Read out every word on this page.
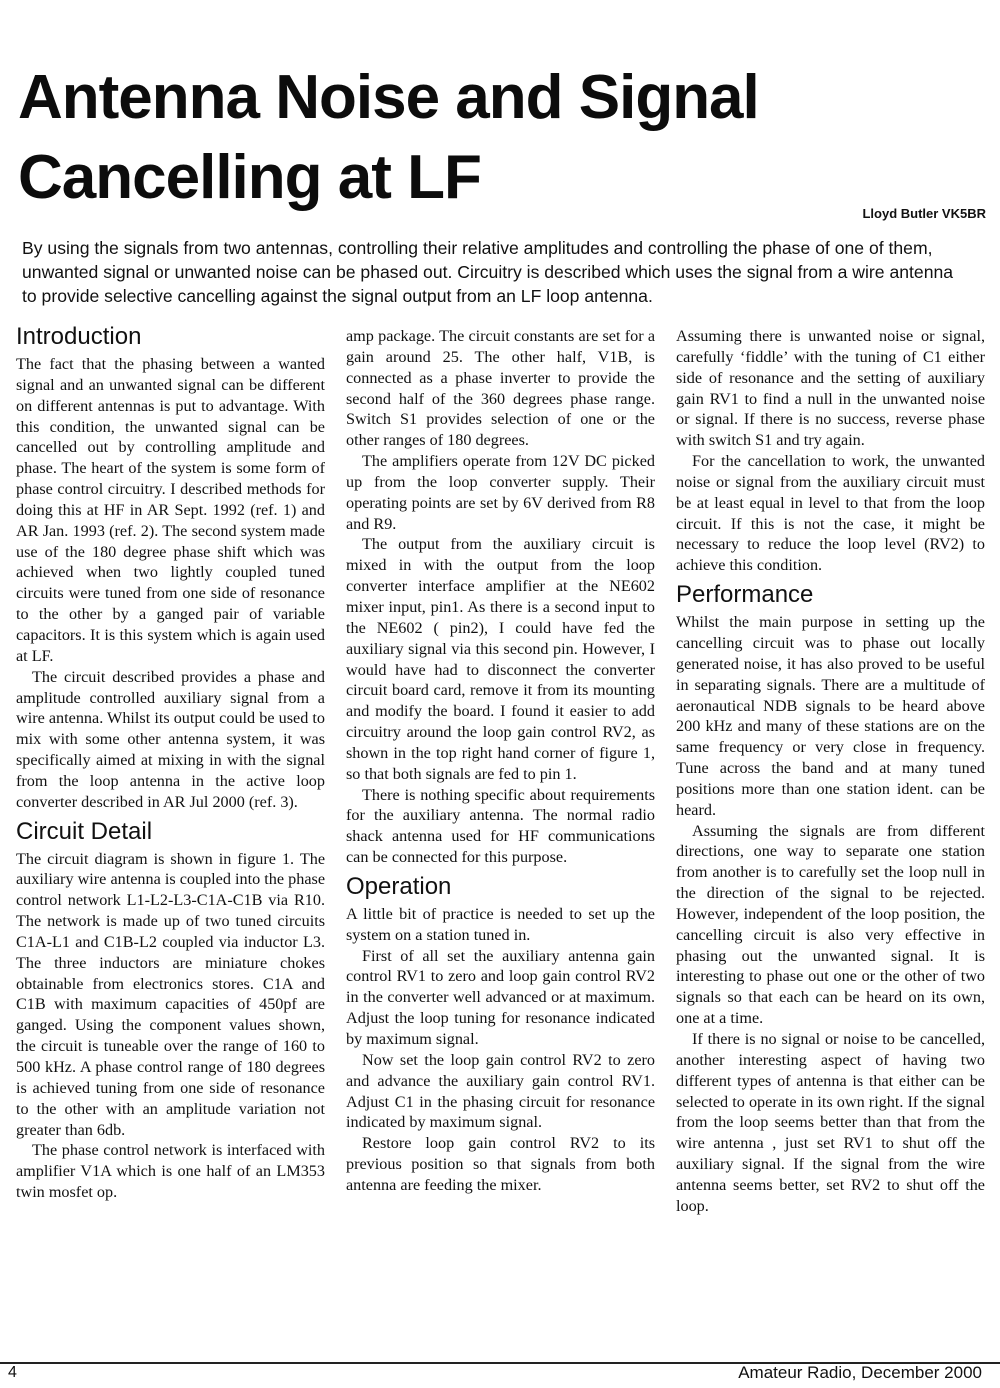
Antenna Noise and Signal
Cancelling at LF
Lloyd Butler VK5BR

By using the signals from two antennas, controlling their relative amplitudes and controlling the phase of one of them, unwanted signal or unwanted noise can be phased out. Circuitry is described which uses the signal from a wire antenna to provide selective cancelling against the signal output from an LF loop antenna.

Introduction

The fact that the phasing between a wanted signal and an unwanted signal can be different on different antennas is put to advantage. With this condition, the unwanted signal can be cancelled out by controlling amplitude and phase. The heart of the system is some form of phase control circuitry. I described methods for doing this at HF in AR Sept. 1992 (ref. 1) and AR Jan. 1993 (ref. 2). The second system made use of the 180 degree phase shift which was achieved when two lightly coupled tuned circuits were tuned from one side of resonance to the other by a ganged pair of variable capacitors. It is this system which is again used at LF.

The circuit described provides a phase and amplitude controlled auxiliary signal from a wire antenna. Whilst its output could be used to mix with some other antenna system, it was specifically aimed at mixing in with the signal from the loop antenna in the active loop converter described in AR Jul 2000 (ref. 3).

Circuit Detail

The circuit diagram is shown in figure 1. The auxiliary wire antenna is coupled into the phase control network L1-L2-L3-C1A-C1B via R10. The network is made up of two tuned circuits C1A-L1 and C1B-L2 coupled via inductor L3. The three inductors are miniature chokes obtainable from electronics stores. C1A and C1B with maximum capacities of 450pf are ganged. Using the component values shown, the circuit is tuneable over the range of 160 to 500 kHz. A phase control range of 180 degrees is achieved tuning from one side of resonance to the other with an amplitude variation not greater than 6db.

The phase control network is interfaced with amplifier V1A which is one half of an LM353 twin mosfet op.

amp package. The circuit constants are set for a gain around 25. The other half, V1B, is connected as a phase inverter to provide the second half of the 360 degrees phase range. Switch S1 provides selection of one or the other ranges of 180 degrees.

The amplifiers operate from 12V DC picked up from the loop converter supply. Their operating points are set by 6V derived from R8 and R9.

The output from the auxiliary circuit is mixed in with the output from the loop converter interface amplifier at the NE602 mixer input, pin1. As there is a second input to the NE602 ( pin2), I could have fed the auxiliary signal via this second pin. However, I would have had to disconnect the converter circuit board card, remove it from its mounting and modify the board. I found it easier to add circuitry around the loop gain control RV2, as shown in the top right hand corner of figure 1, so that both signals are fed to pin 1.

There is nothing specific about requirements for the auxiliary antenna. The normal radio shack antenna used for HF communications can be connected for this purpose.

Operation

A little bit of practice is needed to set up the system on a station tuned in.

First of all set the auxiliary antenna gain control RV1 to zero and loop gain control RV2 in the converter well advanced or at maximum. Adjust the loop tuning for resonance indicated by maximum signal.

Now set the loop gain control RV2 to zero and advance the auxiliary gain control RV1. Adjust C1 in the phasing circuit for resonance indicated by maximum signal.

Restore loop gain control RV2 to its previous position so that signals from both antenna are feeding the mixer.

Assuming there is unwanted noise or signal, carefully ‘fiddle’ with the tuning of C1 either side of resonance and the setting of auxiliary gain RV1 to find a null in the unwanted noise or signal. If there is no success, reverse phase with switch S1 and try again.

For the cancellation to work, the unwanted noise or signal from the auxiliary circuit must be at least equal in level to that from the loop circuit. If this is not the case, it might be necessary to reduce the loop level (RV2) to achieve this condition.

Performance

Whilst the main purpose in setting up the cancelling circuit was to phase out locally generated noise, it has also proved to be useful in separating signals. There are a multitude of aeronautical NDB signals to be heard above 200 kHz and many of these stations are on the same frequency or very close in frequency. Tune across the band and at many tuned positions more than one station ident. can be heard.

Assuming the signals are from different directions, one way to separate one station from another is to carefully set the loop null in the direction of the signal to be rejected. However, independent of the loop position, the cancelling circuit is also very effective in phasing out the unwanted signal. It is interesting to phase out one or the other of two signals so that each can be heard on its own, one at a time.

If there is no signal or noise to be cancelled, another interesting aspect of having two different types of antenna is that either can be selected to operate in its own right. If the signal from the loop seems better than that from the wire antenna , just set RV1 to shut off the auxiliary signal. If the signal from the wire antenna seems better, set RV2 to shut off the loop.

4	Amateur Radio, December 2000
